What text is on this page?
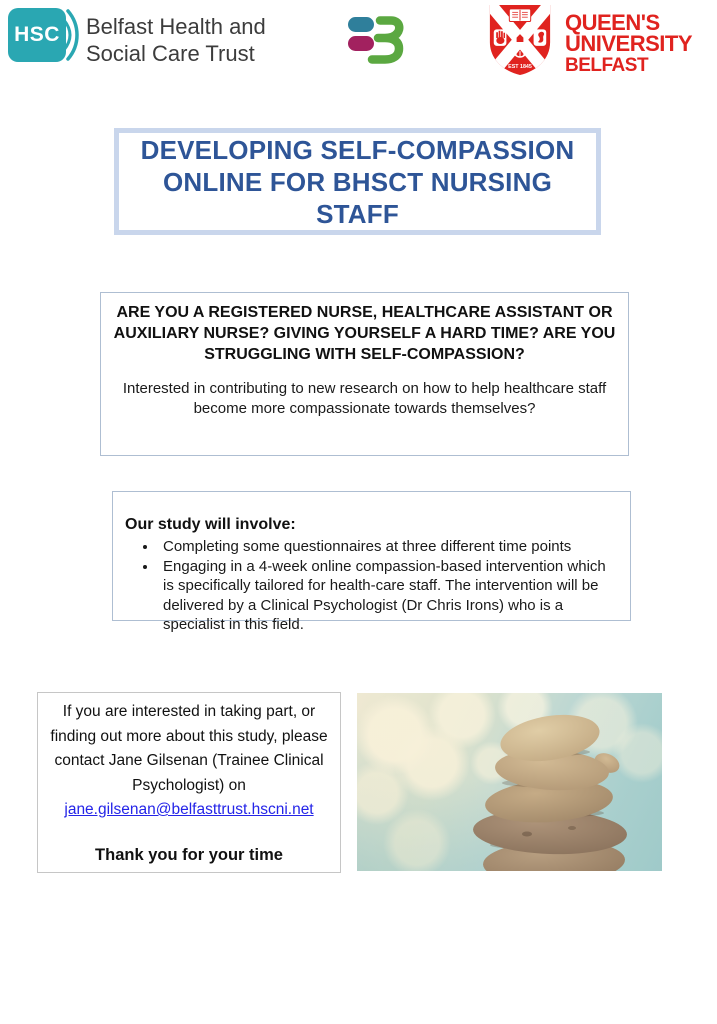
HSC Belfast Health and
Social Care Trust
EST 1845
QUEEN'S
UNIVERSITY
BELFAST
DEVELOPING SELF-COMPASSION ONLINE FOR BHSCT NURSING STAFF
ARE YOU A REGISTERED NURSE, HEALTHCARE ASSISTANT OR AUXILIARY NURSE? GIVING YOURSELF A HARD TIME? ARE YOU STRUGGLING WITH SELF-COMPASSION?
Interested in contributing to new research on how to help healthcare staff become more compassionate towards themselves?
Our study will involve:
• Completing some questionnaires at three different time points
• Engaging in a 4-week online compassion-based intervention which is specifically tailored for health-care staff. The intervention will be delivered by a Clinical Psychologist (Dr Chris Irons) who is a specialist in this field.
If you are interested in taking part, or finding out more about this study, please contact Jane Gilsenan (Trainee Clinical Psychologist) on jane.gilsenan@belfasttrust.hscni.net
Thank you for your time
